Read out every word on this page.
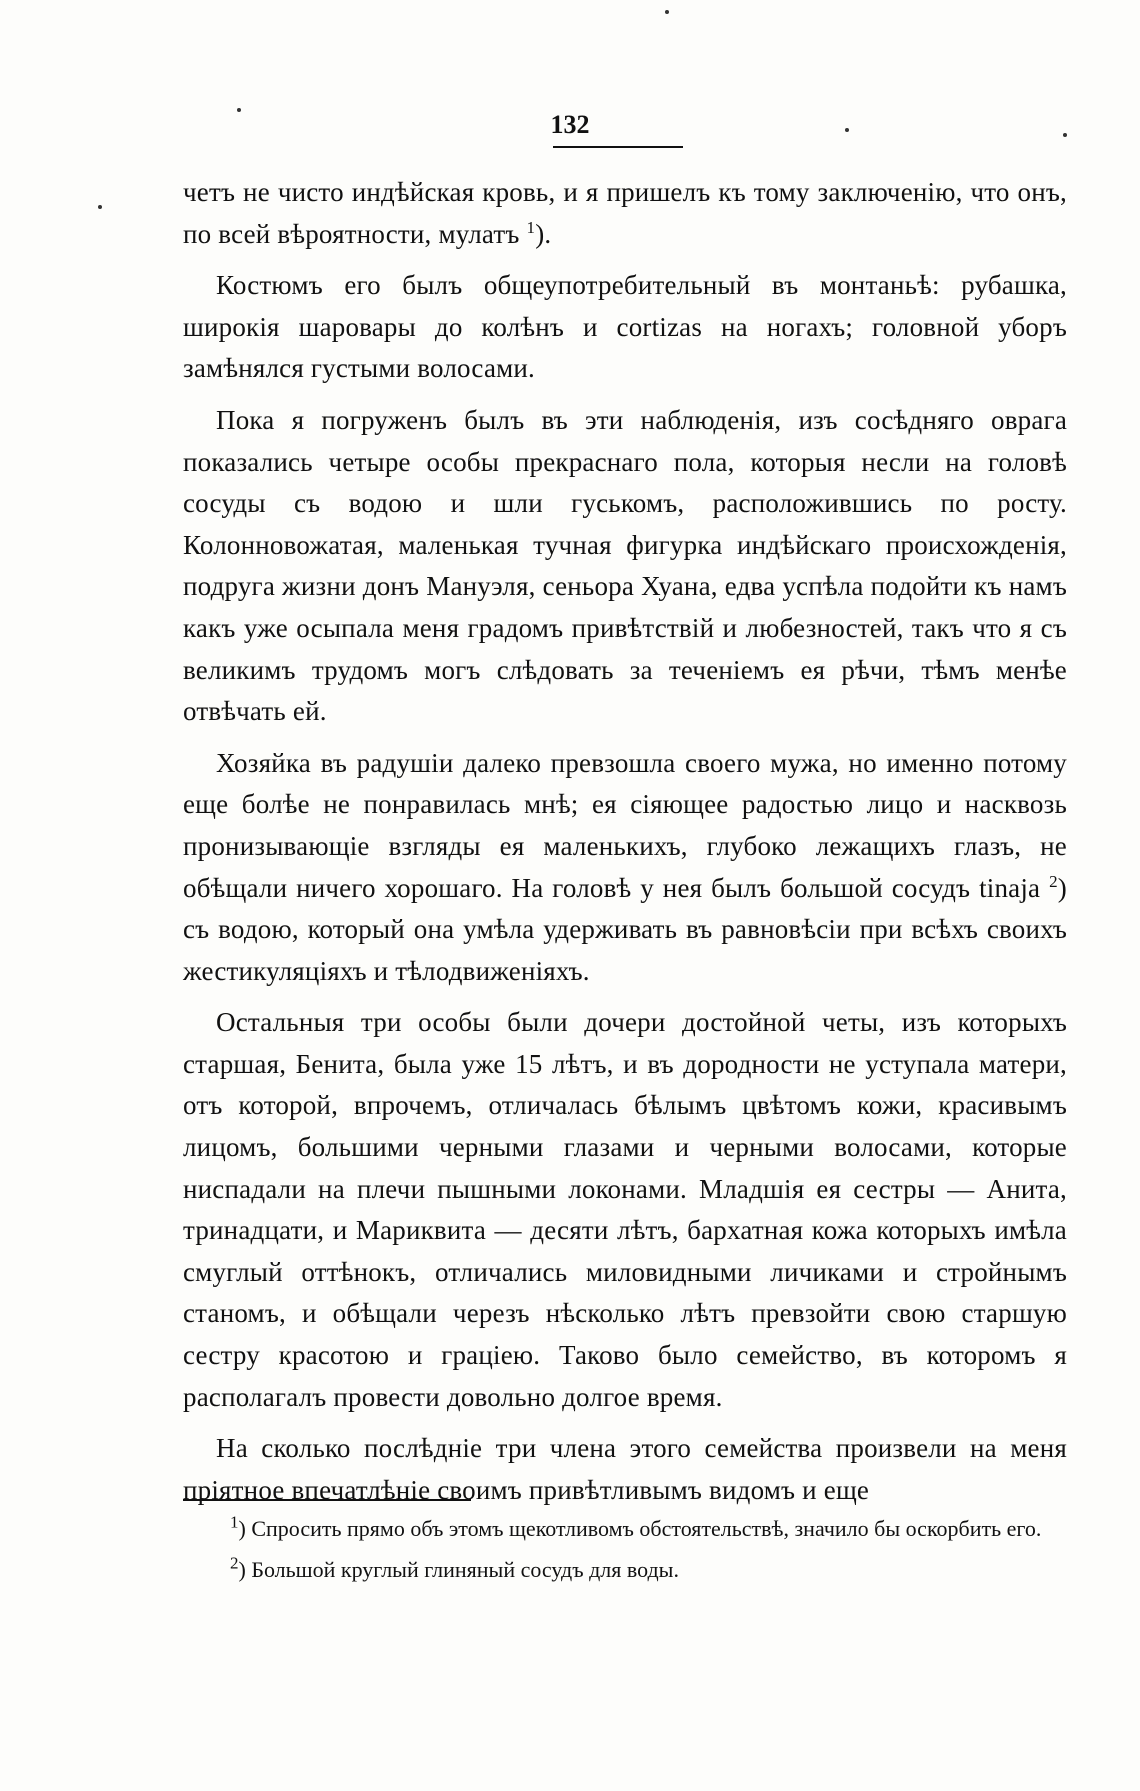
132

четъ не чисто индѣйская кровь, и я пришелъ къ тому заключенію, что онъ, по всей вѣроятности, мулатъ $^1$).

Костюмъ его былъ общеупотребительный въ монтаньѣ: рубашка, широкія шаровары до колѣнъ и cortizas на ногахъ; головной уборъ замѣнялся густыми волосами.

Пока я погруженъ былъ въ эти наблюденія, изъ сосѣдняго оврага показались четыре особы прекраснаго пола, которыя несли на головѣ сосуды съ водою и шли гуськомъ, расположившись по росту. Колонновожатая, маленькая тучная фигурка индѣйскаго происхожденія, подруга жизни донъ Мануэля, сеньора Хуана, едва успѣла подойти къ намъ какъ уже осыпала меня градомъ привѣтствій и любезностей, такъ что я съ великимъ трудомъ могъ слѣдовать за теченіемъ ея рѣчи, тѣмъ менѣе отвѣчать ей.

Хозяйка въ радушіи далеко превзошла своего мужа, но именно потому еще болѣе не понравилась мнѣ; ея сіяющее радостью лицо и насквозь пронизывающіе взгляды ея маленькихъ, глубоко лежащихъ глазъ, не обѣщали ничего хорошаго. На головѣ у нея былъ большой сосудъ tinaja $^2$) съ водою, который она умѣла удерживать въ равновѣсіи при всѣхъ своихъ жестикуляціяхъ и тѣлодвиженіяхъ.

Остальныя три особы были дочери достойной четы, изъ которыхъ старшая, Бенита, была уже 15 лѣтъ, и въ дородности не уступала матери, отъ которой, впрочемъ, отличалась бѣлымъ цвѣтомъ кожи, красивымъ лицомъ, большими черными глазами и черными волосами, которые ниспадали на плечи пышными локонами. Младшія ея сестры — Анита, тринадцати, и Мариквита — десяти лѣтъ, бархатная кожа которыхъ имѣла смуглый оттѣнокъ, отличались миловидными личиками и стройнымъ станомъ, и обѣщали черезъ нѣсколько лѣтъ превзойти свою старшую сестру красотою и граціею. Таково было семейство, въ которомъ я располагалъ провести довольно долгое время.

На сколько послѣдніе три члена этого семейства произвели на меня пріятное впечатлѣніе своимъ привѣтливымъ видомъ и еще

$^1$) Спросить прямо объ этомъ щекотливомъ обстоятельствѣ, значило бы оскорбить его.

$^2$) Большой круглый глиняный сосудъ для воды.
